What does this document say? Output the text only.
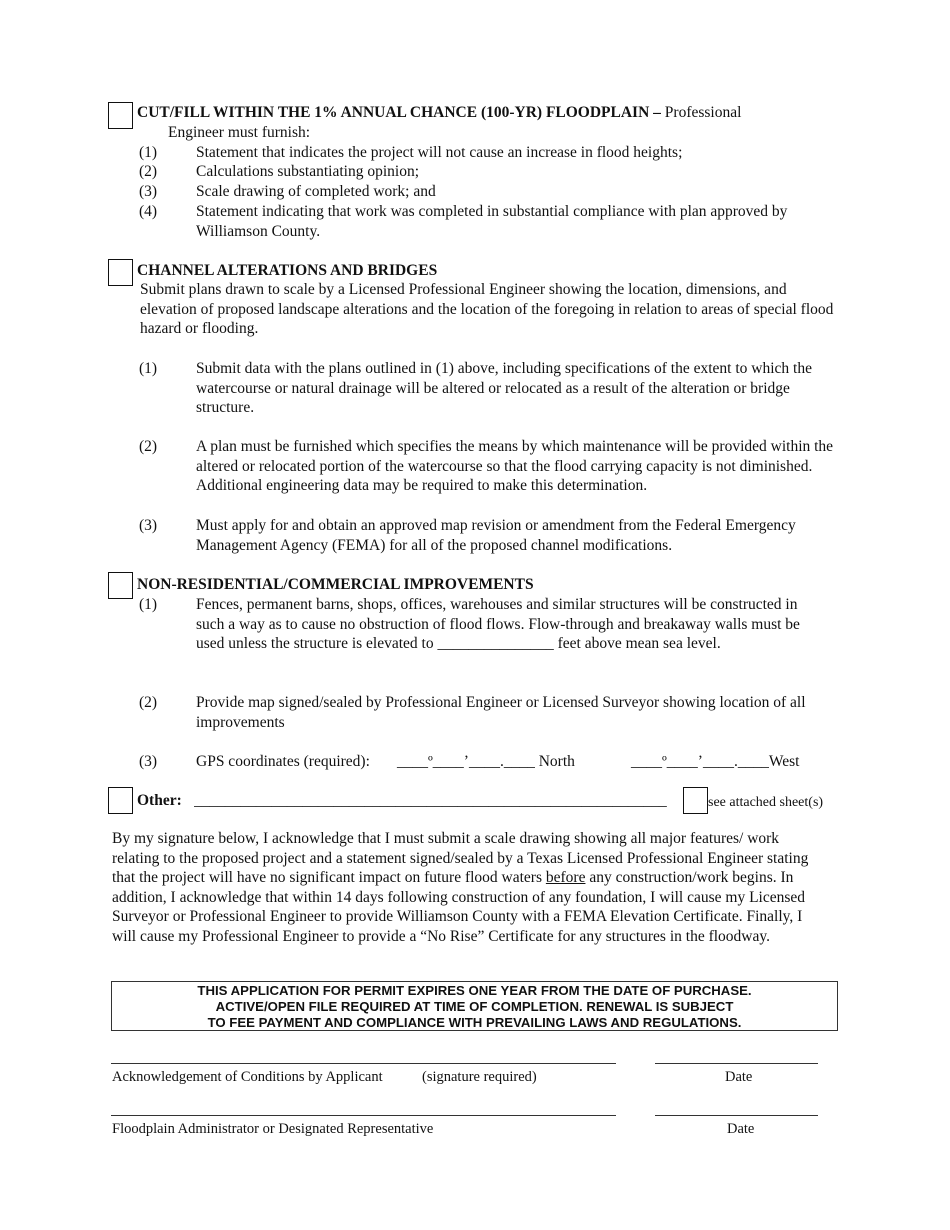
CUT/FILL WITHIN THE 1% ANNUAL CHANCE (100-YR) FLOODPLAIN – Professional
Engineer must furnish:
(1)	Statement that indicates the project will not cause an increase in flood heights;
(2)	Calculations substantiating opinion;
(3)	Scale drawing of completed work; and
(4)	Statement indicating that work was completed in substantial compliance with plan approved by Williamson County.
CHANNEL ALTERATIONS AND BRIDGES
Submit plans drawn to scale by a Licensed Professional Engineer showing the location, dimensions, and elevation of proposed landscape alterations and the location of the foregoing in relation to areas of special flood hazard or flooding.
(1)	Submit data with the plans outlined in (1) above, including specifications of the extent to which the watercourse or natural drainage will be altered or relocated as a result of the alteration or bridge structure.
(2)	A plan must be furnished which specifies the means by which maintenance will be provided within the altered or relocated portion of the watercourse so that the flood carrying capacity is not diminished. Additional engineering data may be required to make this determination.
(3)	Must apply for and obtain an approved map revision or amendment from the Federal Emergency Management Agency (FEMA) for all of the proposed channel modifications.
NON-RESIDENTIAL/COMMERCIAL IMPROVEMENTS
(1)	Fences, permanent barns, shops, offices, warehouses and similar structures will be constructed in such a way as to cause no obstruction of flood flows. Flow-through and breakaway walls must be used unless the structure is elevated to _______________ feet above mean sea level.
(2)	Provide map signed/sealed by Professional Engineer or Licensed Surveyor showing location of all improvements
(3)	GPS coordinates (required): ____º____’____.____ North	____º____’____.____West
Other: _____________________________________________________________	see attached sheet(s)
By my signature below, I acknowledge that I must submit a scale drawing showing all major features/ work relating to the proposed project and a statement signed/sealed by a Texas Licensed Professional Engineer stating that the project will have no significant impact on future flood waters before any construction/work begins. In addition, I acknowledge that within 14 days following construction of any foundation, I will cause my Licensed Surveyor or Professional Engineer to provide Williamson County with a FEMA Elevation Certificate. Finally, I will cause my Professional Engineer to provide a “No Rise” Certificate for any structures in the floodway.
THIS APPLICATION FOR PERMIT EXPIRES ONE YEAR FROM THE DATE OF PURCHASE.
ACTIVE/OPEN FILE REQUIRED AT TIME OF COMPLETION. RENEWAL IS SUBJECT
TO FEE PAYMENT AND COMPLIANCE WITH PREVAILING LAWS AND REGULATIONS.
Acknowledgement of Conditions by Applicant	(signature required)	Date
Floodplain Administrator or Designated Representative	Date
